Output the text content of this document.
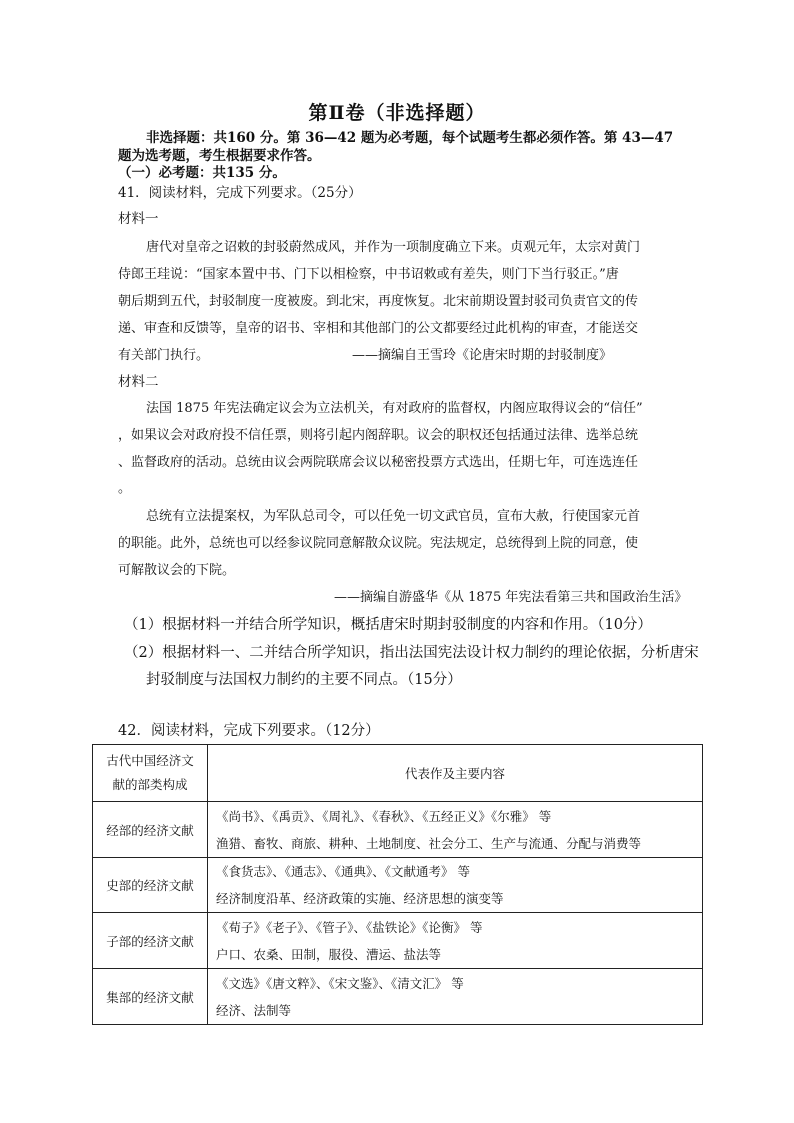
第Ⅱ卷（非选择题）
非选择题：共160 分。第 36—42 题为必考题，每个试题考生都必须作答。第 43—47
题为选考题，考生根据要求作答。
（一）必考题：共135 分。
41．阅读材料，完成下列要求。（25分）
材料一
唐代对皇帝之诏敕的封驳蔚然成风，并作为一项制度确立下来。贞观元年，太宗对黄门
侍郎王珪说：“国家本置中书、门下以相检察，中书诏敕或有差失，则门下当行驳正。”唐
朝后期到五代，封驳制度一度被废。到北宋，再度恢复。北宋前期设置封驳司负责官文的传
递、审查和反馈等，皇帝的诏书、宰相和其他部门的公文都要经过此机构的审查，才能送交
有关部门执行。	——摘编自王雪玲《论唐宋时期的封驳制度》
材料二
法国 1875 年宪法确定议会为立法机关，有对政府的监督权，内阁应取得议会的“信任”
，如果议会对政府投不信任票，则将引起内阁辞职。议会的职权还包括通过法律、选举总统
、监督政府的活动。总统由议会两院联席会议以秘密投票方式选出，任期七年，可连选连任
。
总统有立法提案权，为军队总司令，可以任免一切文武官员，宣布大赦，行使国家元首
的职能。此外，总统也可以经参议院同意解散众议院。宪法规定，总统得到上院的同意，使
可解散议会的下院。
——摘编自游盛华《从 1875 年宪法看第三共和国政治生活》
（1）根据材料一并结合所学知识，概括唐宋时期封驳制度的内容和作用。（10分）
（2）根据材料一、二并结合所学知识，指出法国宪法设计权力制约的理论依据，分析唐宋
封驳制度与法国权力制约的主要不同点。（15分）
42．阅读材料，完成下列要求。（12分）
古代中国经济文
献的部类构成	代表作及主要内容
经部的经济文献	《尚书》、《禹贡》、《周礼》、《春秋》、《五经正义》《尔雅》 等
渔猎、畜牧、商旅、耕种、土地制度、社会分工、生产与流通、分配与消费等

史部的经济文献	《食货志》、《通志》、《通典》、《文献通考》 等
经济制度沿革、经济政策的实施、经济思想的演变等

子部的经济文献	《荀子》《老子》、《管子》、《盐铁论》《论衡》 等
户口、农桑、田制，服役、漕运、盐法等

集部的经济文献	《文选》《唐文粹》、《宋文鉴》、《清文汇》 等
经济、法制等
